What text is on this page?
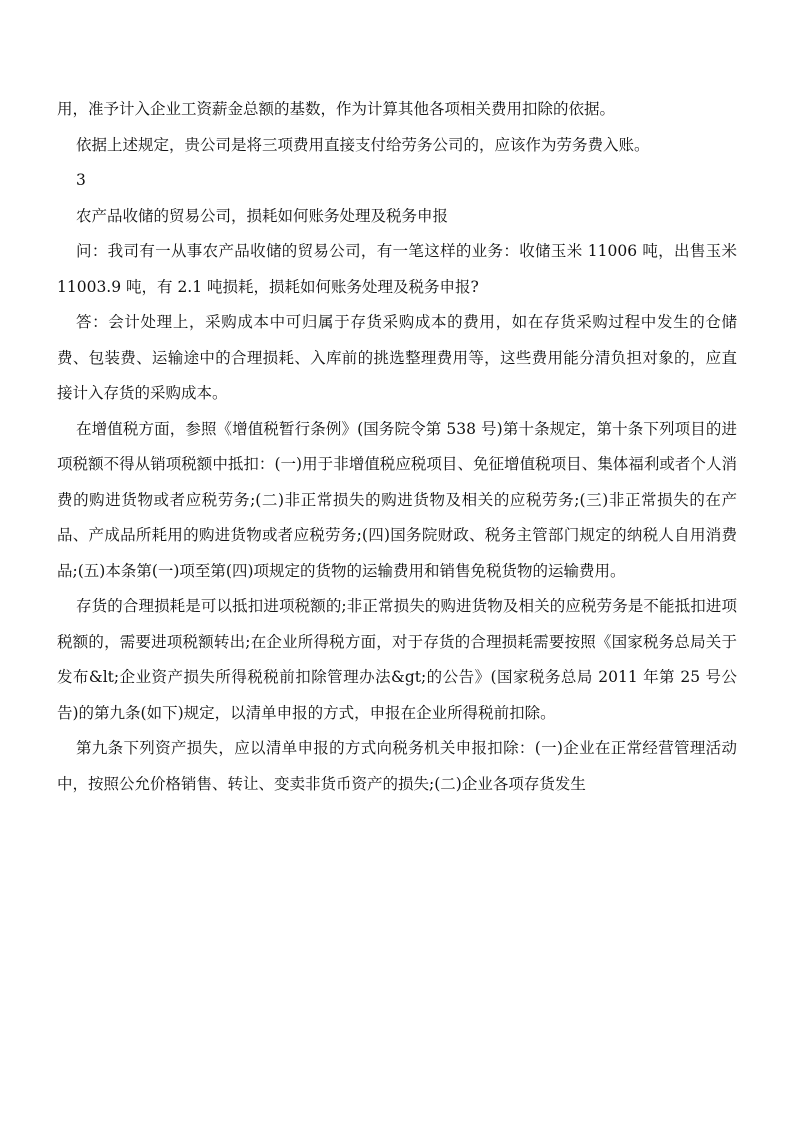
用，准予计入企业工资薪金总额的基数，作为计算其他各项相关费用扣除的依据。

依据上述规定，贵公司是将三项费用直接支付给劳务公司的，应该作为劳务费入账。

3

农产品收储的贸易公司，损耗如何账务处理及税务申报

问：我司有一从事农产品收储的贸易公司，有一笔这样的业务：收储玉米 11006 吨，出售玉米 11003.9 吨，有 2.1 吨损耗，损耗如何账务处理及税务申报?

答：会计处理上，采购成本中可归属于存货采购成本的费用，如在存货采购过程中发生的仓储费、包装费、运输途中的合理损耗、入库前的挑选整理费用等，这些费用能分清负担对象的，应直接计入存货的采购成本。

在增值税方面，参照《增值税暂行条例》(国务院令第 538 号)第十条规定，第十条下列项目的进项税额不得从销项税额中抵扣：(一)用于非增值税应税项目、免征增值税项目、集体福利或者个人消费的购进货物或者应税劳务;(二)非正常损失的购进货物及相关的应税劳务;(三)非正常损失的在产品、产成品所耗用的购进货物或者应税劳务;(四)国务院财政、税务主管部门规定的纳税人自用消费品;(五)本条第(一)项至第(四)项规定的货物的运输费用和销售免税货物的运输费用。

存货的合理损耗是可以抵扣进项税额的;非正常损失的购进货物及相关的应税劳务是不能抵扣进项税额的，需要进项税额转出;在企业所得税方面，对于存货的合理损耗需要按照《国家税务总局关于发布&lt;企业资产损失所得税税前扣除管理办法&gt;的公告》(国家税务总局 2011 年第 25 号公告)的第九条(如下)规定，以清单申报的方式，申报在企业所得税前扣除。

第九条下列资产损失，应以清单申报的方式向税务机关申报扣除：(一)企业在正常经营管理活动中，按照公允价格销售、转让、变卖非货币资产的损失;(二)企业各项存货发生
